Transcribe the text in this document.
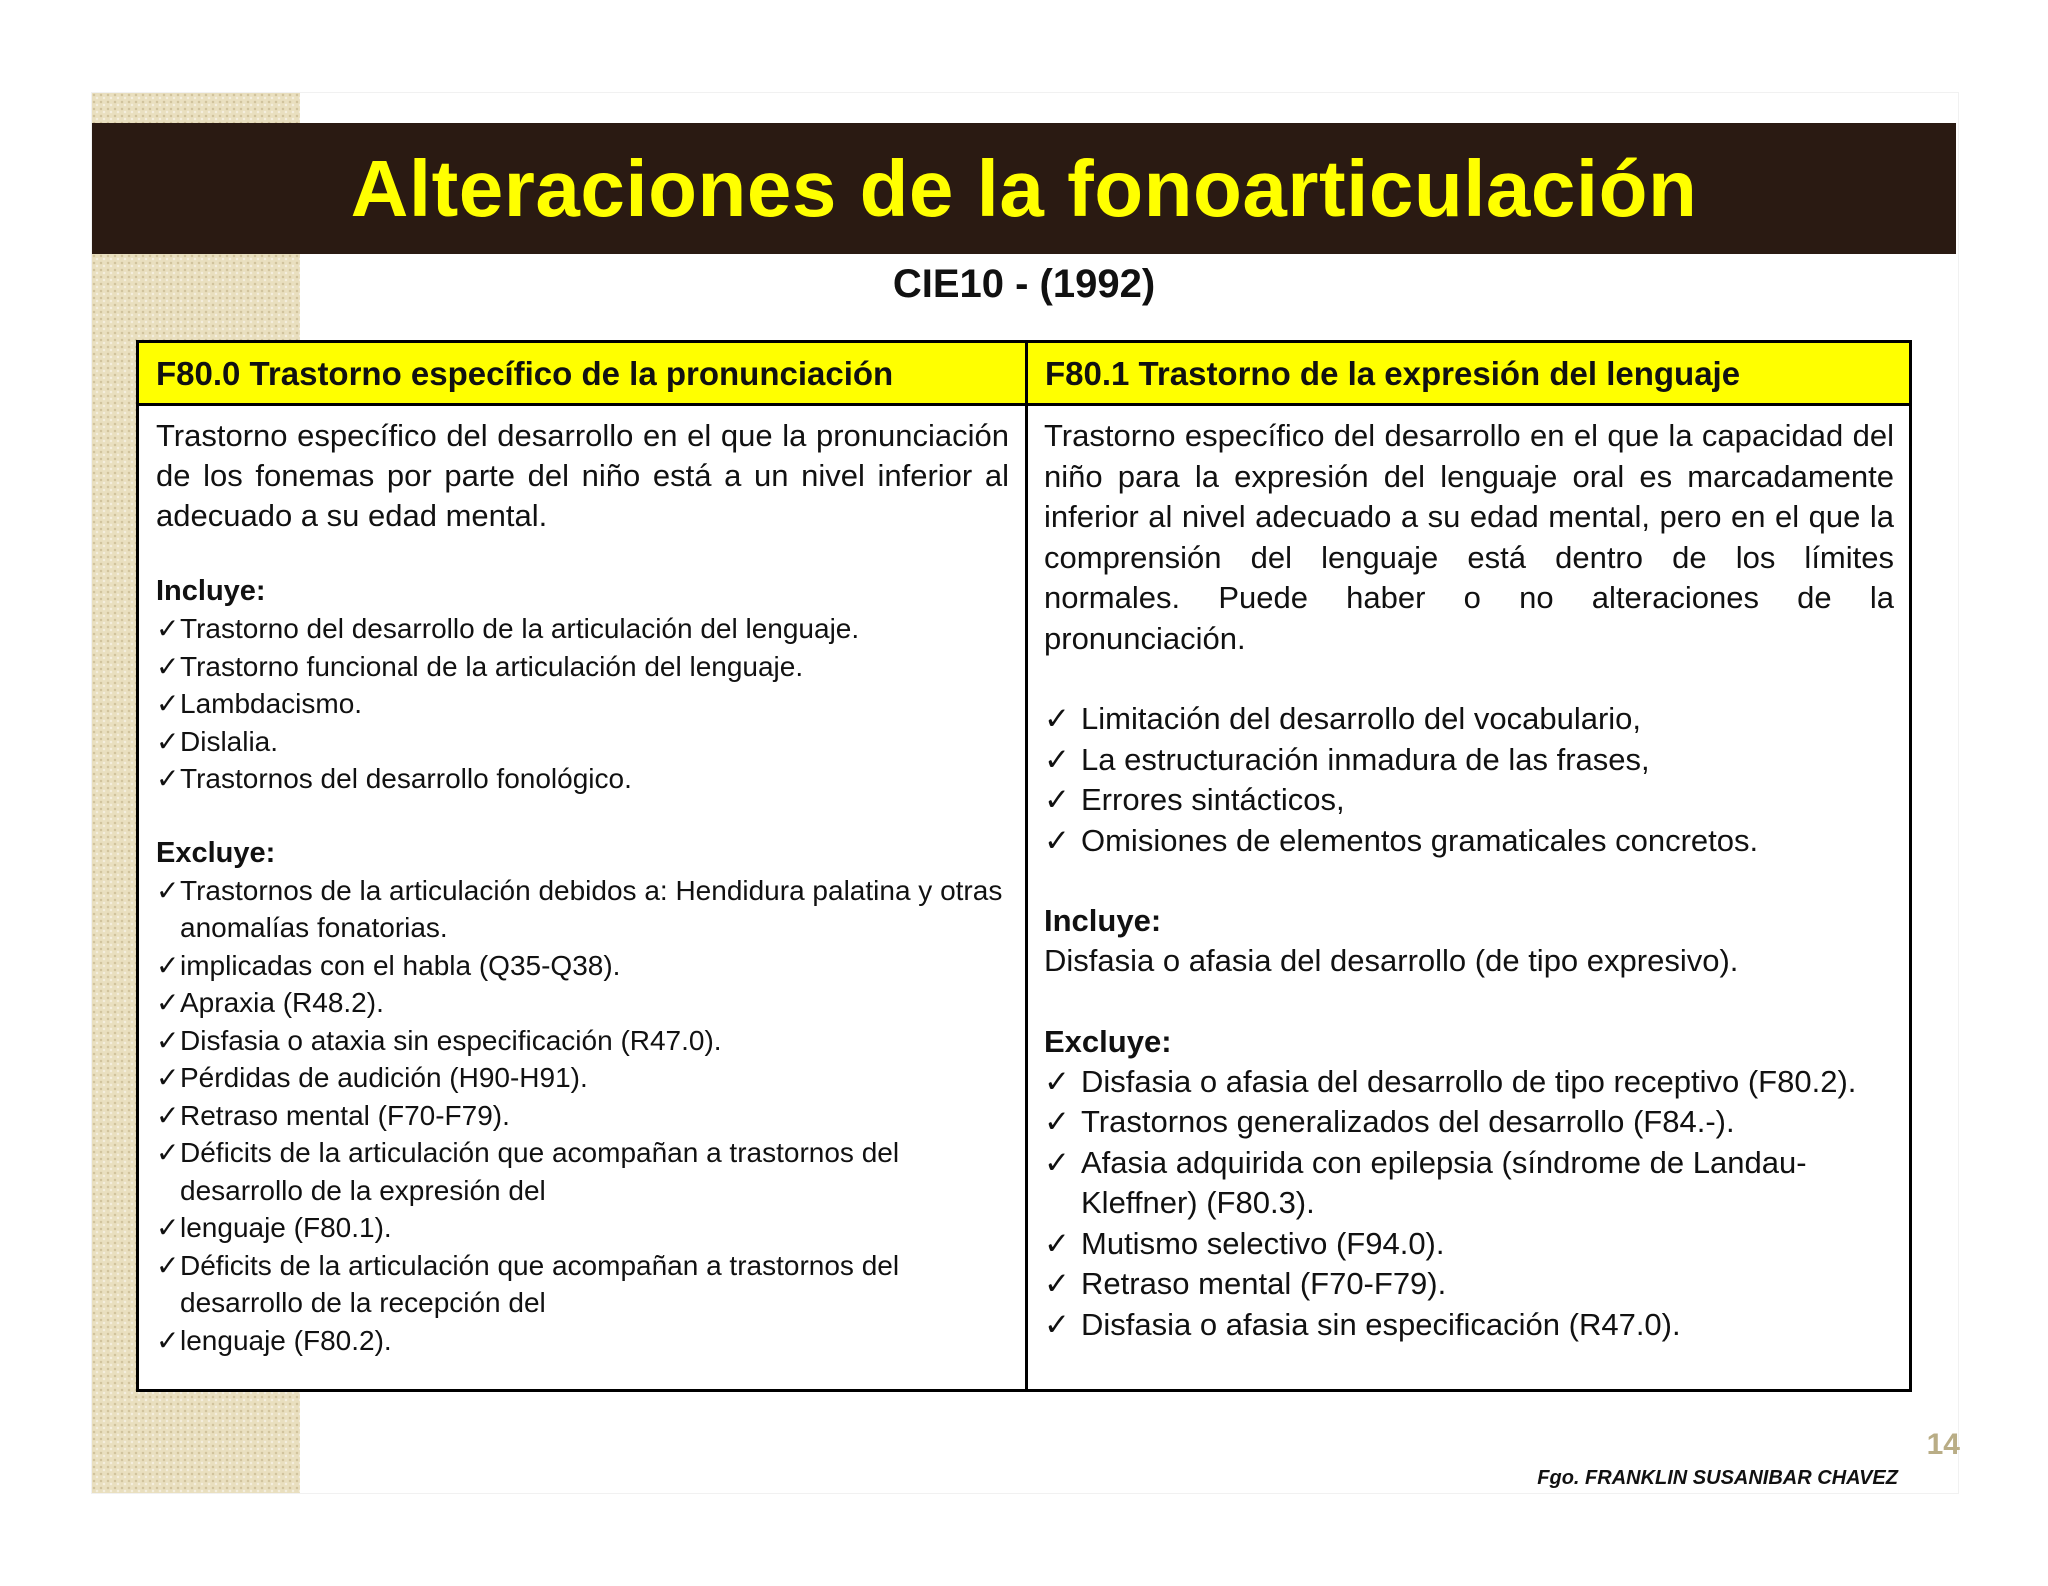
Alteraciones de la fonoarticulación
CIE10 - (1992)
F80.0 Trastorno específico de la pronunciación	F80.1 Trastorno de la expresión del lenguaje

Trastorno específico del desarrollo en el que la pronunciación de los fonemas por parte del niño está a un nivel inferior al adecuado a su edad mental.

Incluye:
✓ Trastorno del desarrollo de la articulación del lenguaje.
✓ Trastorno funcional de la articulación del lenguaje.
✓ Lambdacismo.
✓ Dislalia.
✓ Trastornos del desarrollo fonológico.
Excluye:
✓ Trastornos de la articulación debidos a: Hendidura palatina y otras anomalías fonatorias.
✓ implicadas con el habla (Q35-Q38).
✓ Apraxia (R48.2).
✓ Disfasia o ataxia sin especificación (R47.0).
✓ Pérdidas de audición (H90-H91).
✓ Retraso mental (F70-F79).
✓ Déficits de la articulación que acompañan a trastornos del desarrollo de la expresión del
✓ lenguaje (F80.1).
✓ Déficits de la articulación que acompañan a trastornos del desarrollo de la recepción del
✓ lenguaje (F80.2).

Trastorno específico del desarrollo en el que la capacidad del niño para la expresión del lenguaje oral es marcadamente inferior al nivel adecuado a su edad mental, pero en el que la comprensión del lenguaje está dentro de los límites normales. Puede haber o no alteraciones de la pronunciación.

✓ Limitación del desarrollo del vocabulario,
✓ La estructuración inmadura de las frases,
✓ Errores sintácticos,
✓ Omisiones de elementos gramaticales concretos.
Incluye:
Disfasia o afasia del desarrollo (de tipo expresivo).
Excluye:
✓ Disfasia o afasia del desarrollo de tipo receptivo (F80.2).
✓ Trastornos generalizados del desarrollo (F84.-).
✓ Afasia adquirida con epilepsia (síndrome de Landau-Kleffner) (F80.3).
✓ Mutismo selectivo (F94.0).
✓ Retraso mental (F70-F79).
✓ Disfasia o afasia sin especificación (R47.0).
14
Fgo. FRANKLIN SUSANIBAR CHAVEZ
